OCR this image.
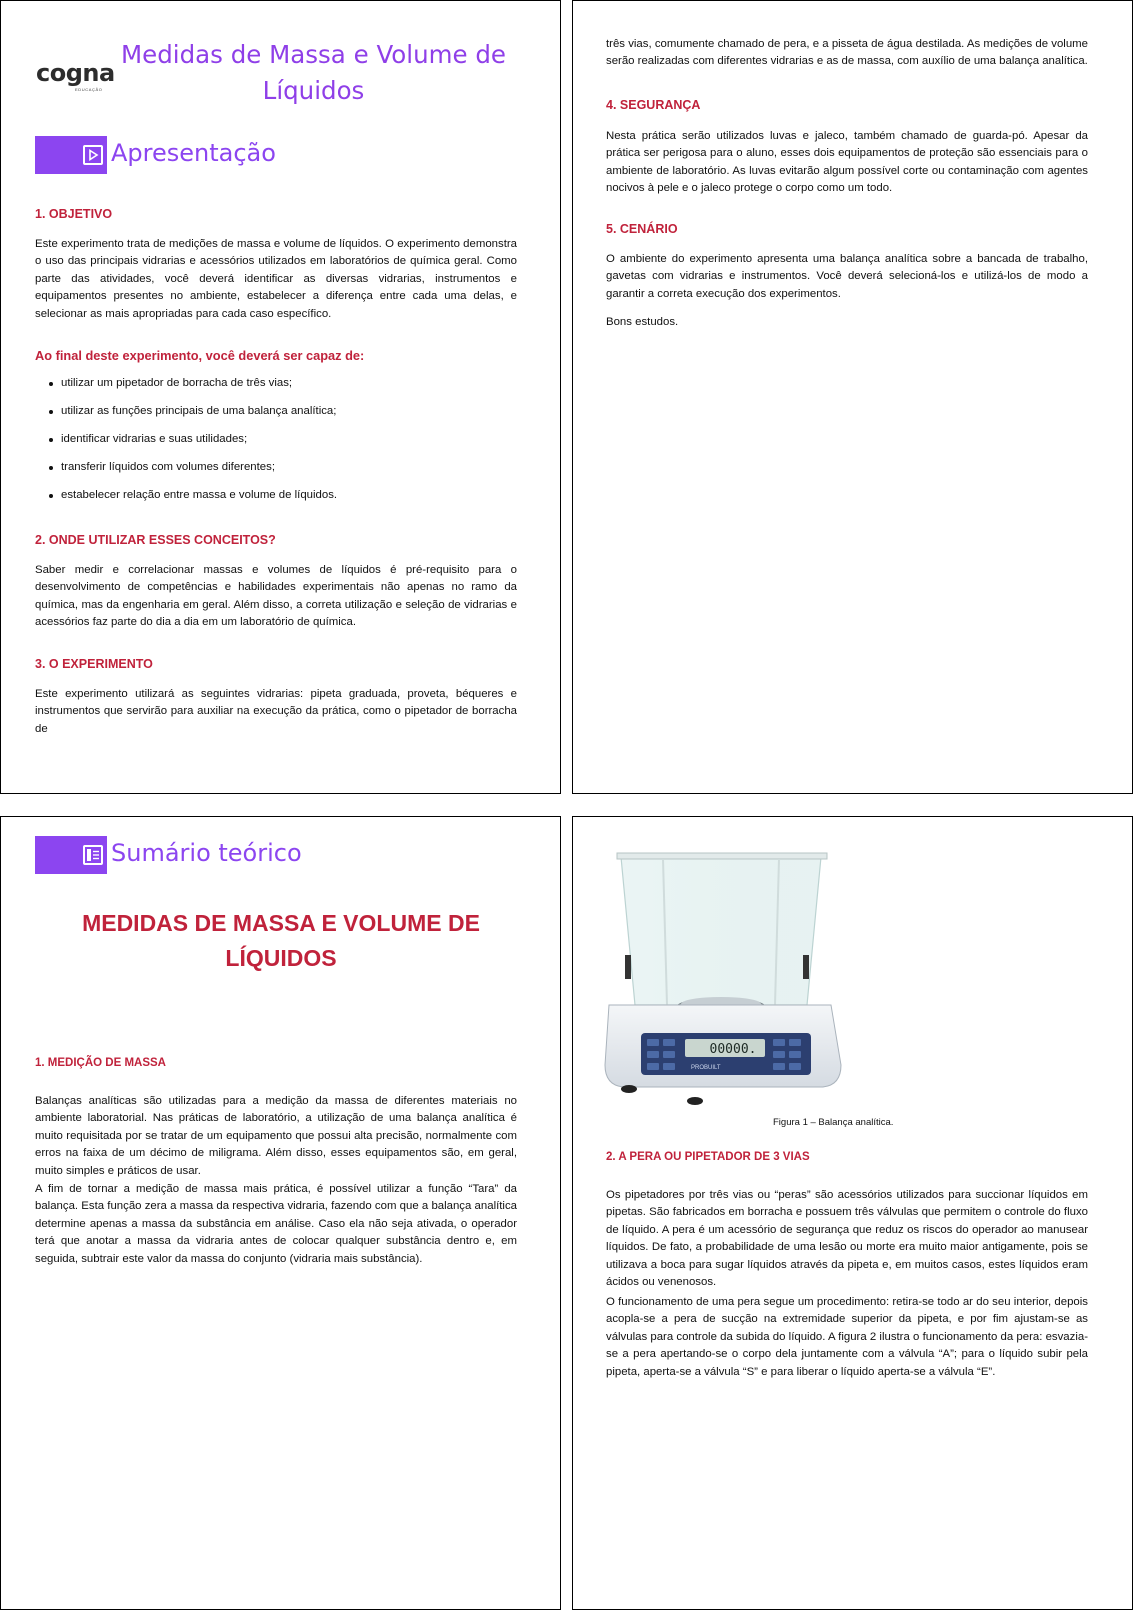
cogna
EDUCAÇÃO
Medidas de Massa e Volume de Líquidos
Apresentação
1. OBJETIVO

Este experimento trata de medições de massa e volume de líquidos. O experimento demonstra o uso das principais vidrarias e acessórios utilizados em laboratórios de química geral. Como parte das atividades, você deverá identificar as diversas vidrarias, instrumentos e equipamentos presentes no ambiente, estabelecer a diferença entre cada uma delas, e selecionar as mais apropriadas para cada caso específico.

Ao final deste experimento, você deverá ser capaz de:
utilizar um pipetador de borracha de três vias;
utilizar as funções principais de uma balança analítica;
identificar vidrarias e suas utilidades;
transferir líquidos com volumes diferentes;
estabelecer relação entre massa e volume de líquidos.
2. ONDE UTILIZAR ESSES CONCEITOS?

Saber medir e correlacionar massas e volumes de líquidos é pré-requisito para o desenvolvimento de competências e habilidades experimentais não apenas no ramo da química, mas da engenharia em geral. Além disso, a correta utilização e seleção de vidrarias e acessórios faz parte do dia a dia em um laboratório de química.

3. O EXPERIMENTO

Este experimento utilizará as seguintes vidrarias: pipeta graduada, proveta, béqueres e instrumentos que servirão para auxiliar na execução da prática, como o pipetador de borracha de

três vias, comumente chamado de pera, e a pisseta de água destilada. As medições de volume serão realizadas com diferentes vidrarias e as de massa, com auxílio de uma balança analítica.

4. SEGURANÇA

Nesta prática serão utilizados luvas e jaleco, também chamado de guarda-pó. Apesar da prática ser perigosa para o aluno, esses dois equipamentos de proteção são essenciais para o ambiente de laboratório. As luvas evitarão algum possível corte ou contaminação com agentes nocivos à pele e o jaleco protege o corpo como um todo.

5. CENÁRIO

O ambiente do experimento apresenta uma balança analítica sobre a bancada de trabalho, gavetas com vidrarias e instrumentos. Você deverá selecioná-los e utilizá-los de modo a garantir a correta execução dos experimentos.

Bons estudos.

Sumário teórico
MEDIDAS DE MASSA E VOLUME DE LÍQUIDOS
1. MEDIÇÃO DE MASSA

Balanças analíticas são utilizadas para a medição da massa de diferentes materiais no ambiente laboratorial. Nas práticas de laboratório, a utilização de uma balança analítica é muito requisitada por se tratar de um equipamento que possui alta precisão, normalmente com erros na faixa de um décimo de miligrama. Além disso, esses equipamentos são, em geral, muito simples e práticos de usar.

A fim de tornar a medição de massa mais prática, é possível utilizar a função “Tara” da balança. Esta função zera a massa da respectiva vidraria, fazendo com que a balança analítica determine apenas a massa da substância em análise. Caso ela não seja ativada, o operador terá que anotar a massa da vidraria antes de colocar qualquer substância dentro e, em seguida, subtrair este valor da massa do conjunto (vidraria mais substância).

00000.
PROBUILT
Figura 1 – Balança analítica.
2. A PERA OU PIPETADOR DE 3 VIAS

Os pipetadores por três vias ou “peras” são acessórios utilizados para succionar líquidos em pipetas. São fabricados em borracha e possuem três válvulas que permitem o controle do fluxo de líquido. A pera é um acessório de segurança que reduz os riscos do operador ao manusear líquidos. De fato, a probabilidade de uma lesão ou morte era muito maior antigamente, pois se utilizava a boca para sugar líquidos através da pipeta e, em muitos casos, estes líquidos eram ácidos ou venenosos.

O funcionamento de uma pera segue um procedimento: retira-se todo ar do seu interior, depois acopla-se a pera de sucção na extremidade superior da pipeta, e por fim ajustam-se as válvulas para controle da subida do líquido. A figura 2 ilustra o funcionamento da pera: esvazia-se a pera apertando-se o corpo dela juntamente com a válvula “A”; para o líquido subir pela pipeta, aperta-se a válvula “S” e para liberar o líquido aperta-se a válvula “E”.
